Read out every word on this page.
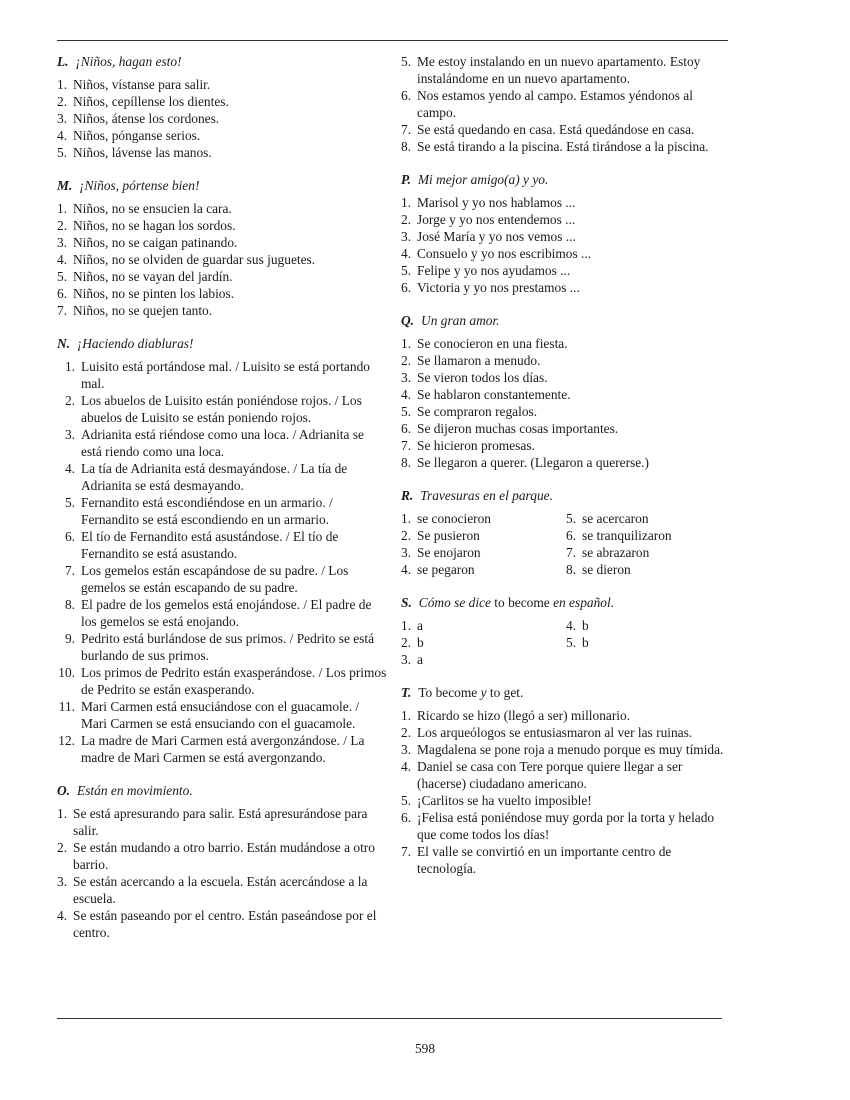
L. ¡Niños, hagan esto!
1. Niños, vístanse para salir.
2. Niños, cepíllense los dientes.
3. Niños, átense los cordones.
4. Niños, pónganse serios.
5. Niños, lávense las manos.
M. ¡Niños, pórtense bien!
1. Niños, no se ensucien la cara.
2. Niños, no se hagan los sordos.
3. Niños, no se caigan patinando.
4. Niños, no se olviden de guardar sus juguetes.
5. Niños, no se vayan del jardín.
6. Niños, no se pinten los labios.
7. Niños, no se quejen tanto.
N. ¡Haciendo diabluras!
1. Luisito está portándose mal. / Luisito se está portando mal.
2. Los abuelos de Luisito están poniéndose rojos. / Los abuelos de Luisito se están poniendo rojos.
3. Adrianita está riéndose como una loca. / Adrianita se está riendo como una loca.
4. La tía de Adrianita está desmayándose. / La tía de Adrianita se está desmayando.
5. Fernandito está escondiéndose en un armario. / Fernandito se está escondiendo en un armario.
6. El tío de Fernandito está asustándose. / El tío de Fernandito se está asustando.
7. Los gemelos están escapándose de su padre. / Los gemelos se están escapando de su padre.
8. El padre de los gemelos está enojándose. / El padre de los gemelos se está enojando.
9. Pedrito está burlándose de sus primos. / Pedrito se está burlando de sus primos.
10. Los primos de Pedrito están exasperándose. / Los primos de Pedrito se están exasperando.
11. Mari Carmen está ensuciándose con el guacamole. / Mari Carmen se está ensuciando con el guacamole.
12. La madre de Mari Carmen está avergonzándose. / La madre de Mari Carmen se está avergonzando.
O. Están en movimiento.
1. Se está apresurando para salir. Está apresurándose para salir.
2. Se están mudando a otro barrio. Están mudándose a otro barrio.
3. Se están acercando a la escuela. Están acercándose a la escuela.
4. Se están paseando por el centro. Están paseándose por el centro.
5. Me estoy instalando en un nuevo apartamento. Estoy instalándome en un nuevo apartamento.
6. Nos estamos yendo al campo. Estamos yéndonos al campo.
7. Se está quedando en casa. Está quedándose en casa.
8. Se está tirando a la piscina. Está tirándose a la piscina.
P. Mi mejor amigo(a) y yo.
1. Marisol y yo nos hablamos ...
2. Jorge y yo nos entendemos ...
3. José María y yo nos vemos ...
4. Consuelo y yo nos escribimos ...
5. Felipe y yo nos ayudamos ...
6. Victoria y yo nos prestamos ...
Q. Un gran amor.
1. Se conocieron en una fiesta.
2. Se llamaron a menudo.
3. Se vieron todos los días.
4. Se hablaron constantemente.
5. Se compraron regalos.
6. Se dijeron muchas cosas importantes.
7. Se hicieron promesas.
8. Se llegaron a querer. (Llegaron a quererse.)
R. Travesuras en el parque.
1. se conocieron	5. se acercaron
2. Se pusieron	6. se tranquilizaron
3. Se enojaron	7. se abrazaron
4. se pegaron	8. se dieron
S. Cómo se dice to become en español.
1. a	4. b
2. b	5. b
3. a
T. To become y to get.
1. Ricardo se hizo (llegó a ser) millonario.
2. Los arqueólogos se entusiasmaron al ver las ruinas.
3. Magdalena se pone roja a menudo porque es muy tímida.
4. Daniel se casa con Tere porque quiere llegar a ser (hacerse) ciudadano americano.
5. ¡Carlitos se ha vuelto imposible!
6. ¡Felisa está poniéndose muy gorda por la torta y helado que come todos los días!
7. El valle se convirtió en un importante centro de tecnología.
598
